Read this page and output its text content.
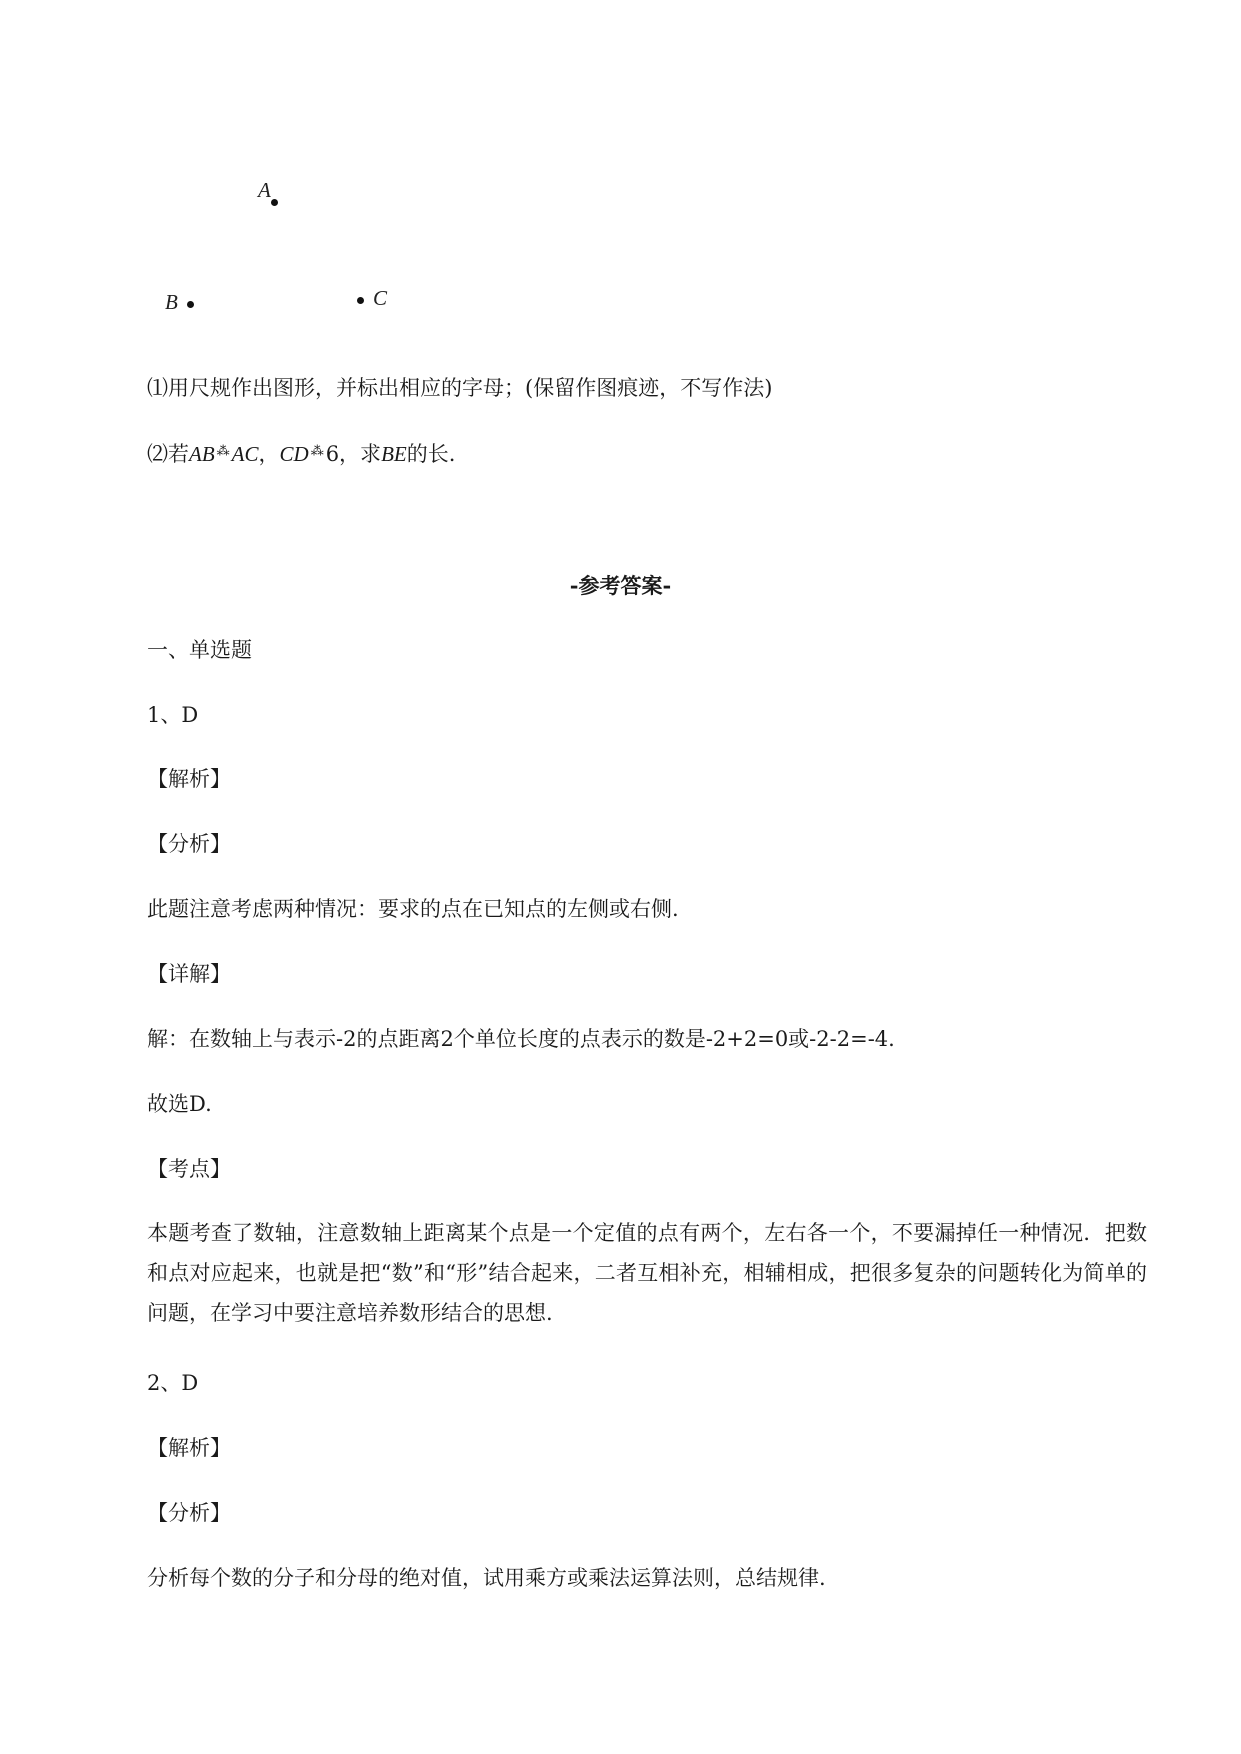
A
B	C
⑴用尺规作出图形，并标出相应的字母；(保留作图痕迹，不写作法)
⑵若AB ⁂AC，CD ⁂6，求BE的长.
-参考答案-
一、单选题
1、D
【解析】
【分析】
此题注意考虑两种情况：要求的点在已知点的左侧或右侧.
【详解】
解：在数轴上与表示-2的点距离2个单位长度的点表示的数是-2+2=0或-2-2=-4.
故选D.
【考点】
本题考查了数轴，注意数轴上距离某个点是一个定值的点有两个，左右各一个，不要漏掉任一种情况．把数和点对应起来，也就是把“数”和“形”结合起来，二者互相补充，相辅相成，把很多复杂的问题转化为简单的问题，在学习中要注意培养数形结合的思想.
2、D
【解析】
【分析】
分析每个数的分子和分母的绝对值，试用乘方或乘法运算法则，总结规律.
